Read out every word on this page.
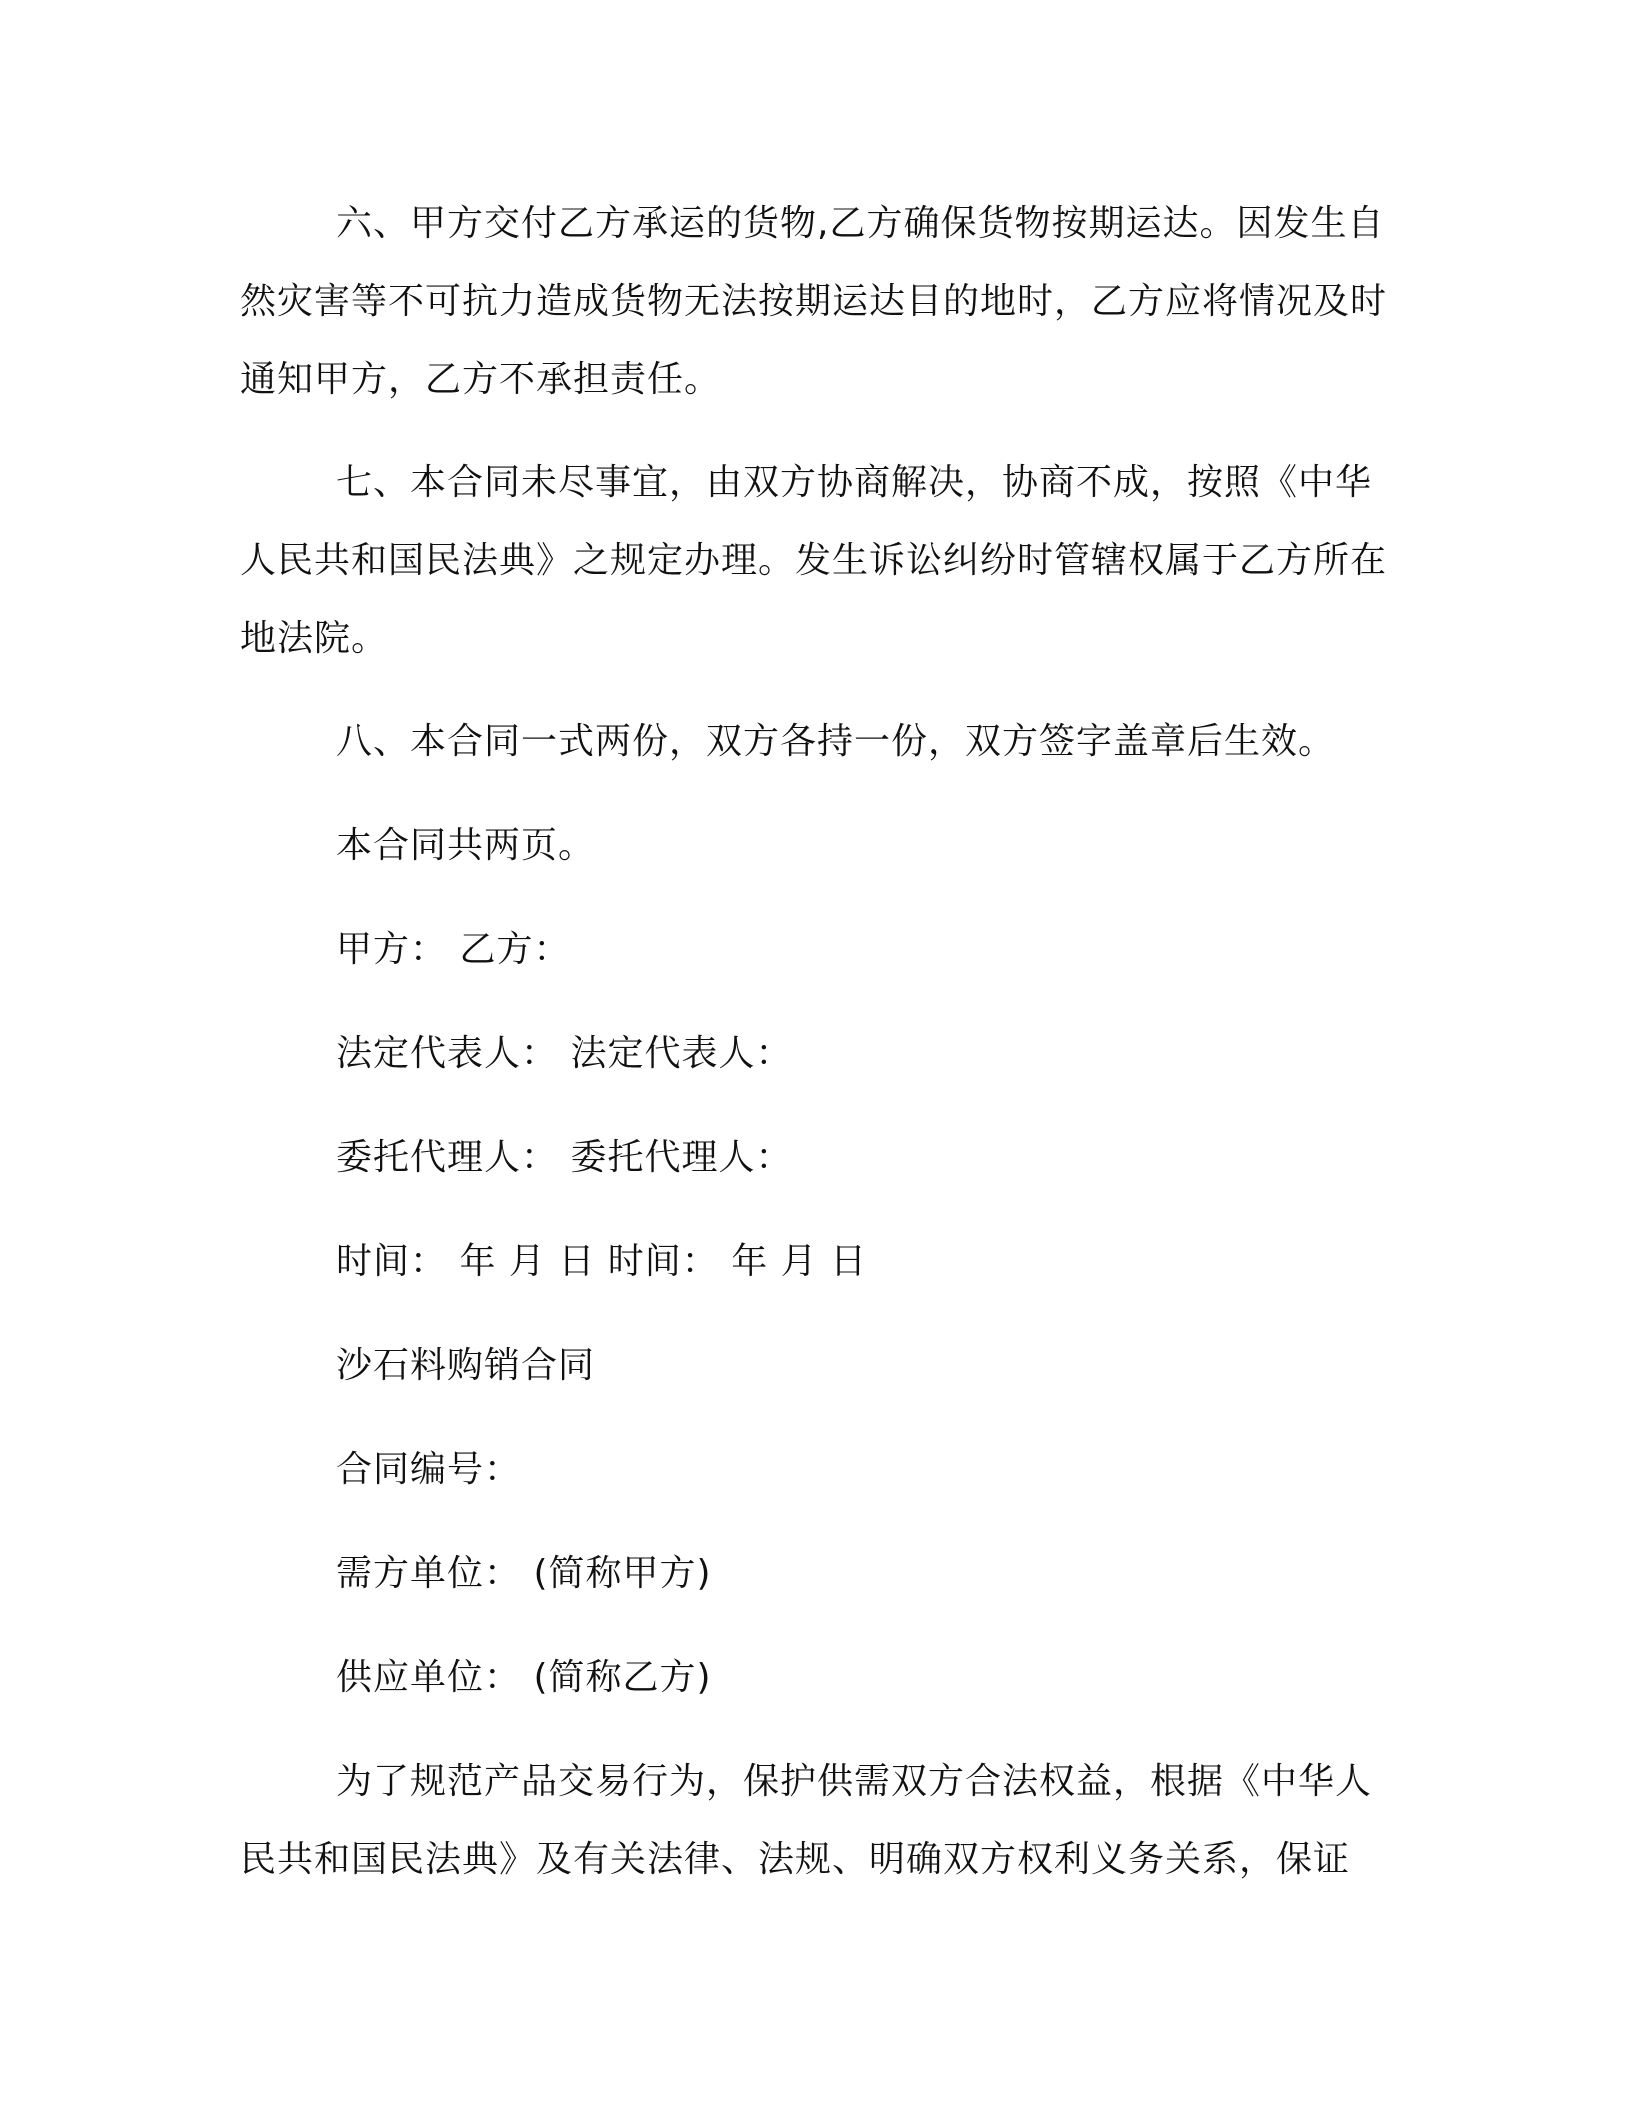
六、甲方交付乙方承运的货物,乙方确保货物按期运达。因发生自然灾害等不可抗力造成货物无法按期运达目的地时，乙方应将情况及时通知甲方，乙方不承担责任。

七、本合同未尽事宜，由双方协商解决，协商不成，按照《中华人民共和国民法典》之规定办理。发生诉讼纠纷时管辖权属于乙方所在地法院。

八、本合同一式两份，双方各持一份，双方签字盖章后生效。

本合同共两页。

甲方： 乙方：

法定代表人： 法定代表人：

委托代理人： 委托代理人：

时间： 年 月 日 时间： 年 月 日

沙石料购销合同

合同编号：

需方单位： (简称甲方)

供应单位： (简称乙方)

为了规范产品交易行为，保护供需双方合法权益，根据《中华人民共和国民法典》及有关法律、法规、明确双方权利义务关系，保证
